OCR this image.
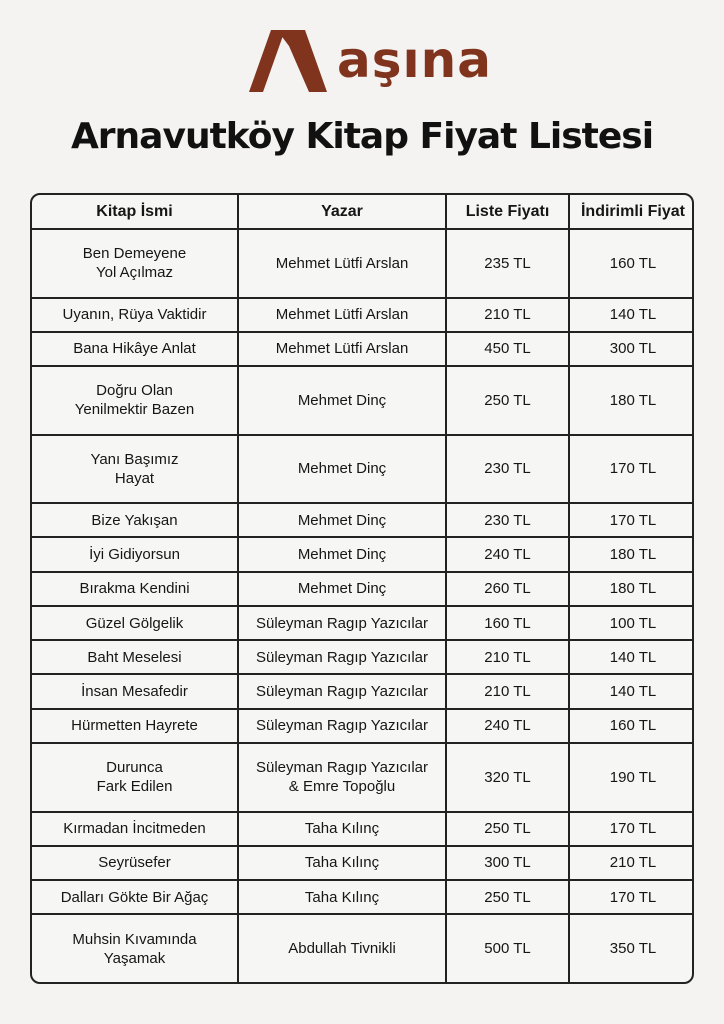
aşına
Arnavutköy Kitap Fiyat Listesi
Kitap İsmi	Yazar	Liste Fiyatı	İndirimli Fiyat
Ben Demeyene
Yol Açılmaz	Mehmet Lütfi Arslan	235 TL	160 TL
Uyanın, Rüya Vaktidir	Mehmet Lütfi Arslan	210 TL	140 TL
Bana Hikâye Anlat	Mehmet Lütfi Arslan	450 TL	300 TL
Doğru Olan
Yenilmektir Bazen	Mehmet Dinç	250 TL	180 TL
Yanı Başımız
Hayat	Mehmet Dinç	230 TL	170 TL
Bize Yakışan	Mehmet Dinç	230 TL	170 TL
İyi Gidiyorsun	Mehmet Dinç	240 TL	180 TL
Bırakma Kendini	Mehmet Dinç	260 TL	180 TL
Güzel Gölgelik	Süleyman Ragıp Yazıcılar	160 TL	100 TL
Baht Meselesi	Süleyman Ragıp Yazıcılar	210 TL	140 TL
İnsan Mesafedir	Süleyman Ragıp Yazıcılar	210 TL	140 TL
Hürmetten Hayrete	Süleyman Ragıp Yazıcılar	240 TL	160 TL
Durunca
Fark Edilen	Süleyman Ragıp Yazıcılar
& Emre Topoğlu	320 TL	190 TL
Kırmadan İncitmeden	Taha Kılınç	250 TL	170 TL
Seyrüsefer	Taha Kılınç	300 TL	210 TL
Dalları Gökte Bir Ağaç	Taha Kılınç	250 TL	170 TL
Muhsin Kıvamında
Yaşamak	Abdullah Tivnikli	500 TL	350 TL
